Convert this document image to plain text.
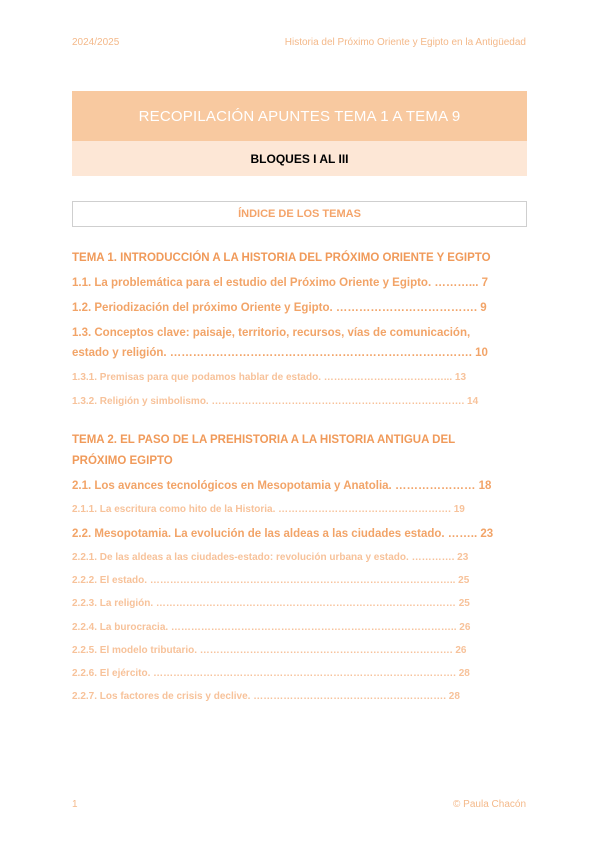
2024/2025	Historia del Próximo Oriente y Egipto en la Antigüedad
RECOPILACIÓN APUNTES TEMA 1 A TEMA 9
BLOQUES I AL III
ÍNDICE DE LOS TEMAS
TEMA 1. INTRODUCCIÓN A LA HISTORIA DEL PRÓXIMO ORIENTE Y EGIPTO
1.1. La problemática para el estudio del Próximo Oriente y Egipto. ………... 7
1.2. Periodización del próximo Oriente y Egipto. ………………………………. 9
1.3. Conceptos clave: paisaje, territorio, recursos, vías de comunicación,
estado y religión. ……………………………………………………………………. 10
1.3.1. Premisas para que podamos hablar de estado. ………………………………... 13
1.3.2. Religión y simbolismo. …………………………………………………………………. 14
TEMA 2. EL PASO DE LA PREHISTORIA A LA HISTORIA ANTIGUA DEL
PRÓXIMO EGIPTO
2.1. Los avances tecnológicos en Mesopotamia y Anatolia. ………………… 18
2.1.1. La escritura como hito de la Historia. ……………………………………………. 19
2.2. Mesopotamia. La evolución de las aldeas a las ciudades estado. …….. 23
2.2.1. De las aldeas a las ciudades-estado: revolución urbana y estado. …………. 23
2.2.2. El estado. ……………………………………………………………………………….. 25
2.2.3. La religión. ……………………………………………………………………………… 25
2.2.4. La burocracia. ………………………………………………………………………….. 26
2.2.5. El modelo tributario. …………………………………………………………………. 26
2.2.6. El ejército. ………………………………………………………………………………. 28
2.2.7. Los factores de crisis y declive. …………………………………………………. 28
1	© Paula Chacón
